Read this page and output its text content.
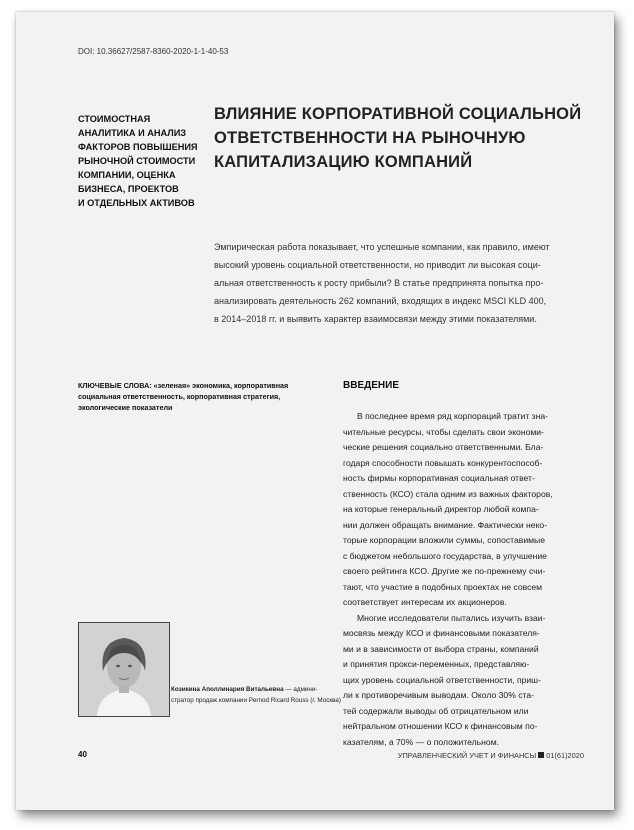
DOI: 10.36627/2587-8360-2020-1-1-40-53
СТОИМОСТНАЯ
АНАЛИТИКА И АНАЛИЗ
ФАКТОРОВ ПОВЫШЕНИЯ
РЫНОЧНОЙ СТОИМОСТИ
КОМПАНИИ, ОЦЕНКА
БИЗНЕСА, ПРОЕКТОВ
И ОТДЕЛЬНЫХ АКТИВОВ
ВЛИЯНИЕ КОРПОРАТИВНОЙ СОЦИАЛЬНОЙ
ОТВЕТСТВЕННОСТИ НА РЫНОЧНУЮ
КАПИТАЛИЗАЦИЮ КОМПАНИЙ
Эмпирическая работа показывает, что успешные компании, как правило, имеют
высокий уровень социальной ответственности, но приводит ли высокая соци-
альная ответственность к росту прибыли? В статье предпринята попытка про-
анализировать деятельность 262 компаний, входящих в индекс MSCI KLD 400,
в 2014–2018 гг. и выявить характер взаимосвязи между этими показателями.
КЛЮЧЕВЫЕ СЛОВА: «зеленая» экономика, корпоративная
социальная ответственность, корпоративная стратегия,
экологические показатели
ВВЕДЕНИЕ
В последнее время ряд корпораций тратит зна-
чительные ресурсы, чтобы сделать свои экономи-
ческие решения социально ответственными. Бла-
годаря способности повышать конкурентоспособ-
ность фирмы корпоративная социальная ответ-
ственность (КСО) стала одним из важных факторов,
на которые генеральный директор любой компа-
нии должен обращать внимание. Фактически неко-
торые корпорации вложили суммы, сопоставимые
с бюджетом небольшого государства, в улучшение
своего рейтинга КСО. Другие же по-прежнему счи-
тают, что участие в подобных проектах не совсем
соответствует интересам их акционеров.
Многие исследователи пытались изучить взаи-
мосвязь между КСО и финансовыми показателя-
ми и в зависимости от выбора страны, компаний
и принятия прокси-переменных, представляю-
щих уровень социальной ответственности, приш-
ли к противоречивым выводам. Около 30% ста-
тей содержали выводы об отрицательном или
нейтральном отношении КСО к финансовым по-
казателям, а 70% — о положительном.
Козикина Аполлинария Витальевна — админи-
стратор продаж компании Pernod Ricard Rouss (г. Москва)
40	УПРАВЛЕНЧЕСКИЙ УЧЕТ И ФИНАНСЫ 01(61)2020
